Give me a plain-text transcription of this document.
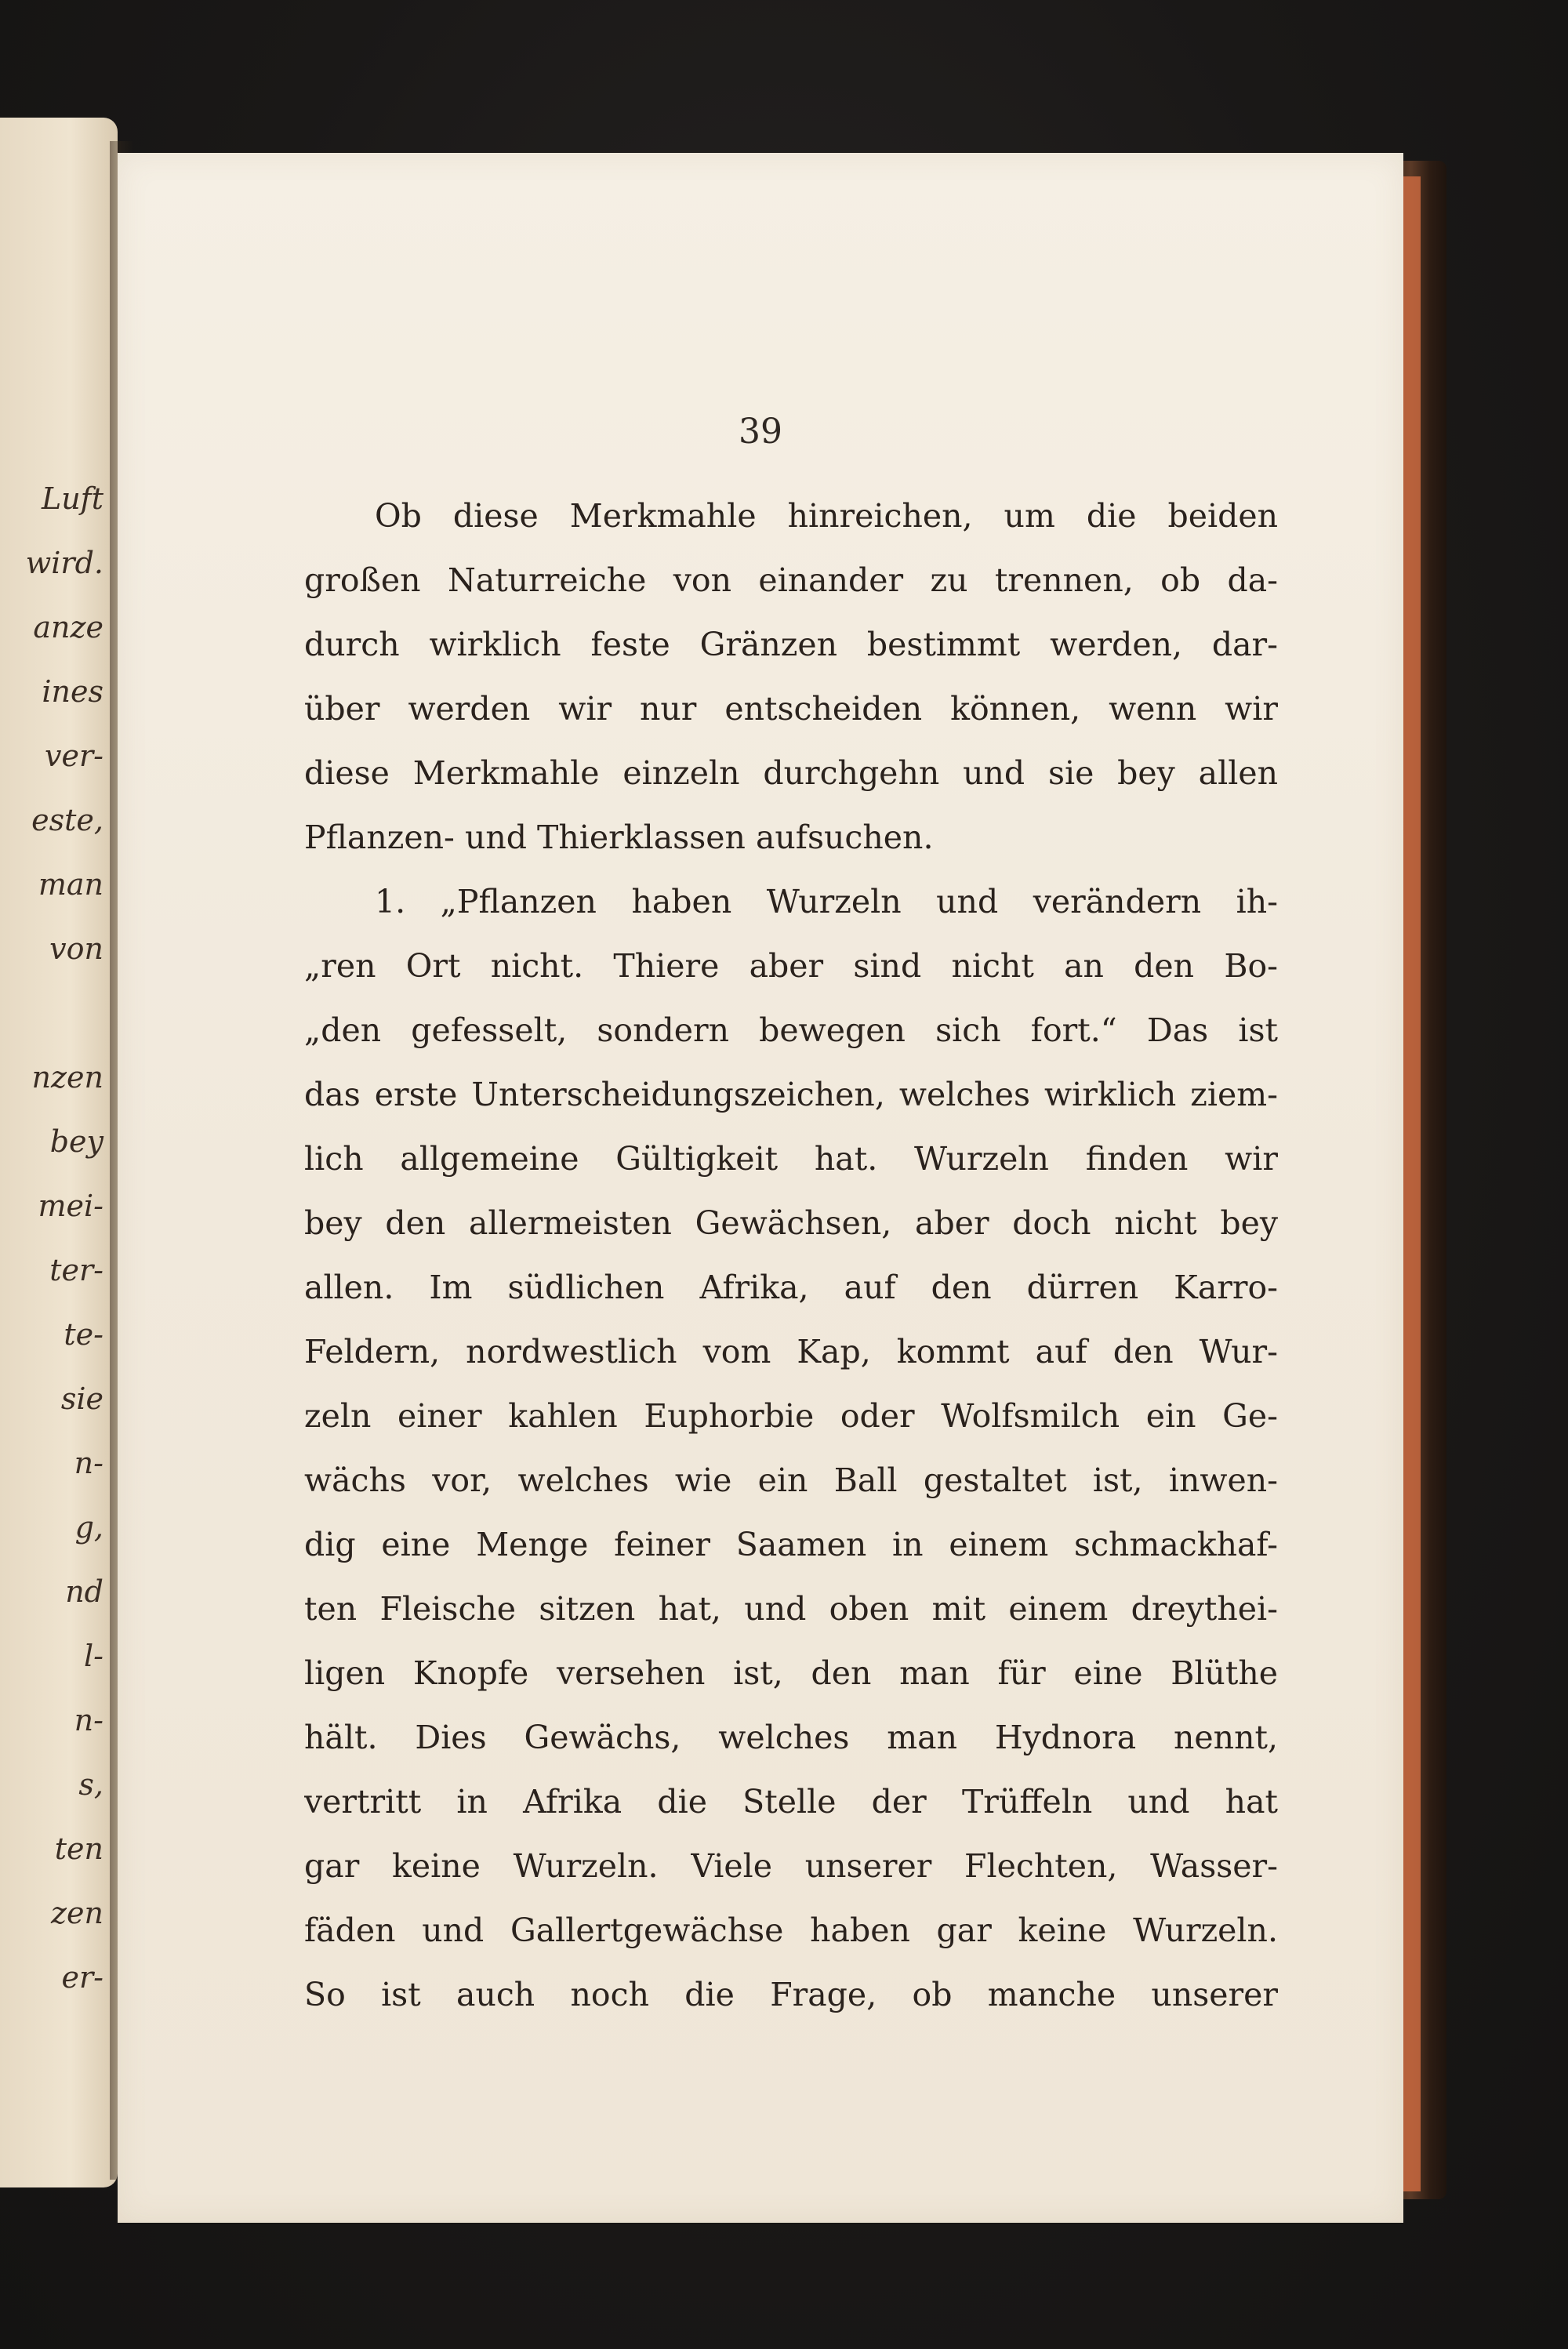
Luft
wird.
anze
ines
ver-
este,
man
von

nzen
bey
mei-
ter-
te-
sie
n-
g,
nd
l-
n-
s,
ten
zen
er-
39
Ob diese Merkmahle hinreichen, um die beiden
großen Naturreiche von einander zu trennen, ob da-
durch wirklich feste Gränzen bestimmt werden, dar-
über werden wir nur entscheiden können, wenn wir
diese Merkmahle einzeln durchgehn und sie bey allen
Pflanzen- und Thierklassen aufsuchen.
1. „Pflanzen haben Wurzeln und verändern ih-
„ren Ort nicht. Thiere aber sind nicht an den Bo-
„den gefesselt, sondern bewegen sich fort.“ Das ist
das erste Unterscheidungszeichen, welches wirklich ziem-
lich allgemeine Gültigkeit hat. Wurzeln finden wir
bey den allermeisten Gewächsen, aber doch nicht bey
allen. Im südlichen Afrika, auf den dürren Karro-
Feldern, nordwestlich vom Kap, kommt auf den Wur-
zeln einer kahlen Euphorbie oder Wolfsmilch ein Ge-
wächs vor, welches wie ein Ball gestaltet ist, inwen-
dig eine Menge feiner Saamen in einem schmackhaf-
ten Fleische sitzen hat, und oben mit einem dreythei-
ligen Knopfe versehen ist, den man für eine Blüthe
hält. Dies Gewächs, welches man Hydnora nennt,
vertritt in Afrika die Stelle der Trüffeln und hat
gar keine Wurzeln. Viele unserer Flechten, Wasser-
fäden und Gallertgewächse haben gar keine Wurzeln.
So ist auch noch die Frage, ob manche unserer
